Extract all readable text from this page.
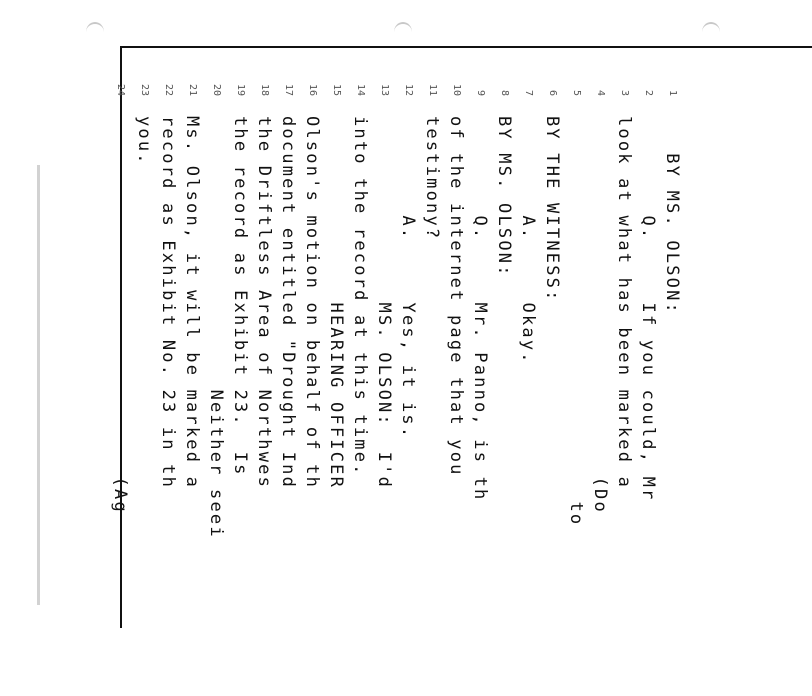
1
BY MS. OLSON:
2
Q.     If you could, Mr
3
look at what has been marked a
4
(Do
5
to
6
BY THE WITNESS:
7
A.     Okay.
8
BY MS. OLSON:
9
Q.     Mr. Panno, is th
10
of the internet page that you
11
testimony?
12
A.     Yes, it is.
13
MS. OLSON:  I'd
14
into the record at this time.
15
HEARING OFFICER
16
Olson's motion on behalf of th
17
document entitled "Drought Ind
18
the Driftless Area of Northwes
19
the record as Exhibit 23.  Is
20
Neither seei
21
Ms. Olson, it will be marked a
22
record as Exhibit No. 23 in th
23
you.
24
(Ag
